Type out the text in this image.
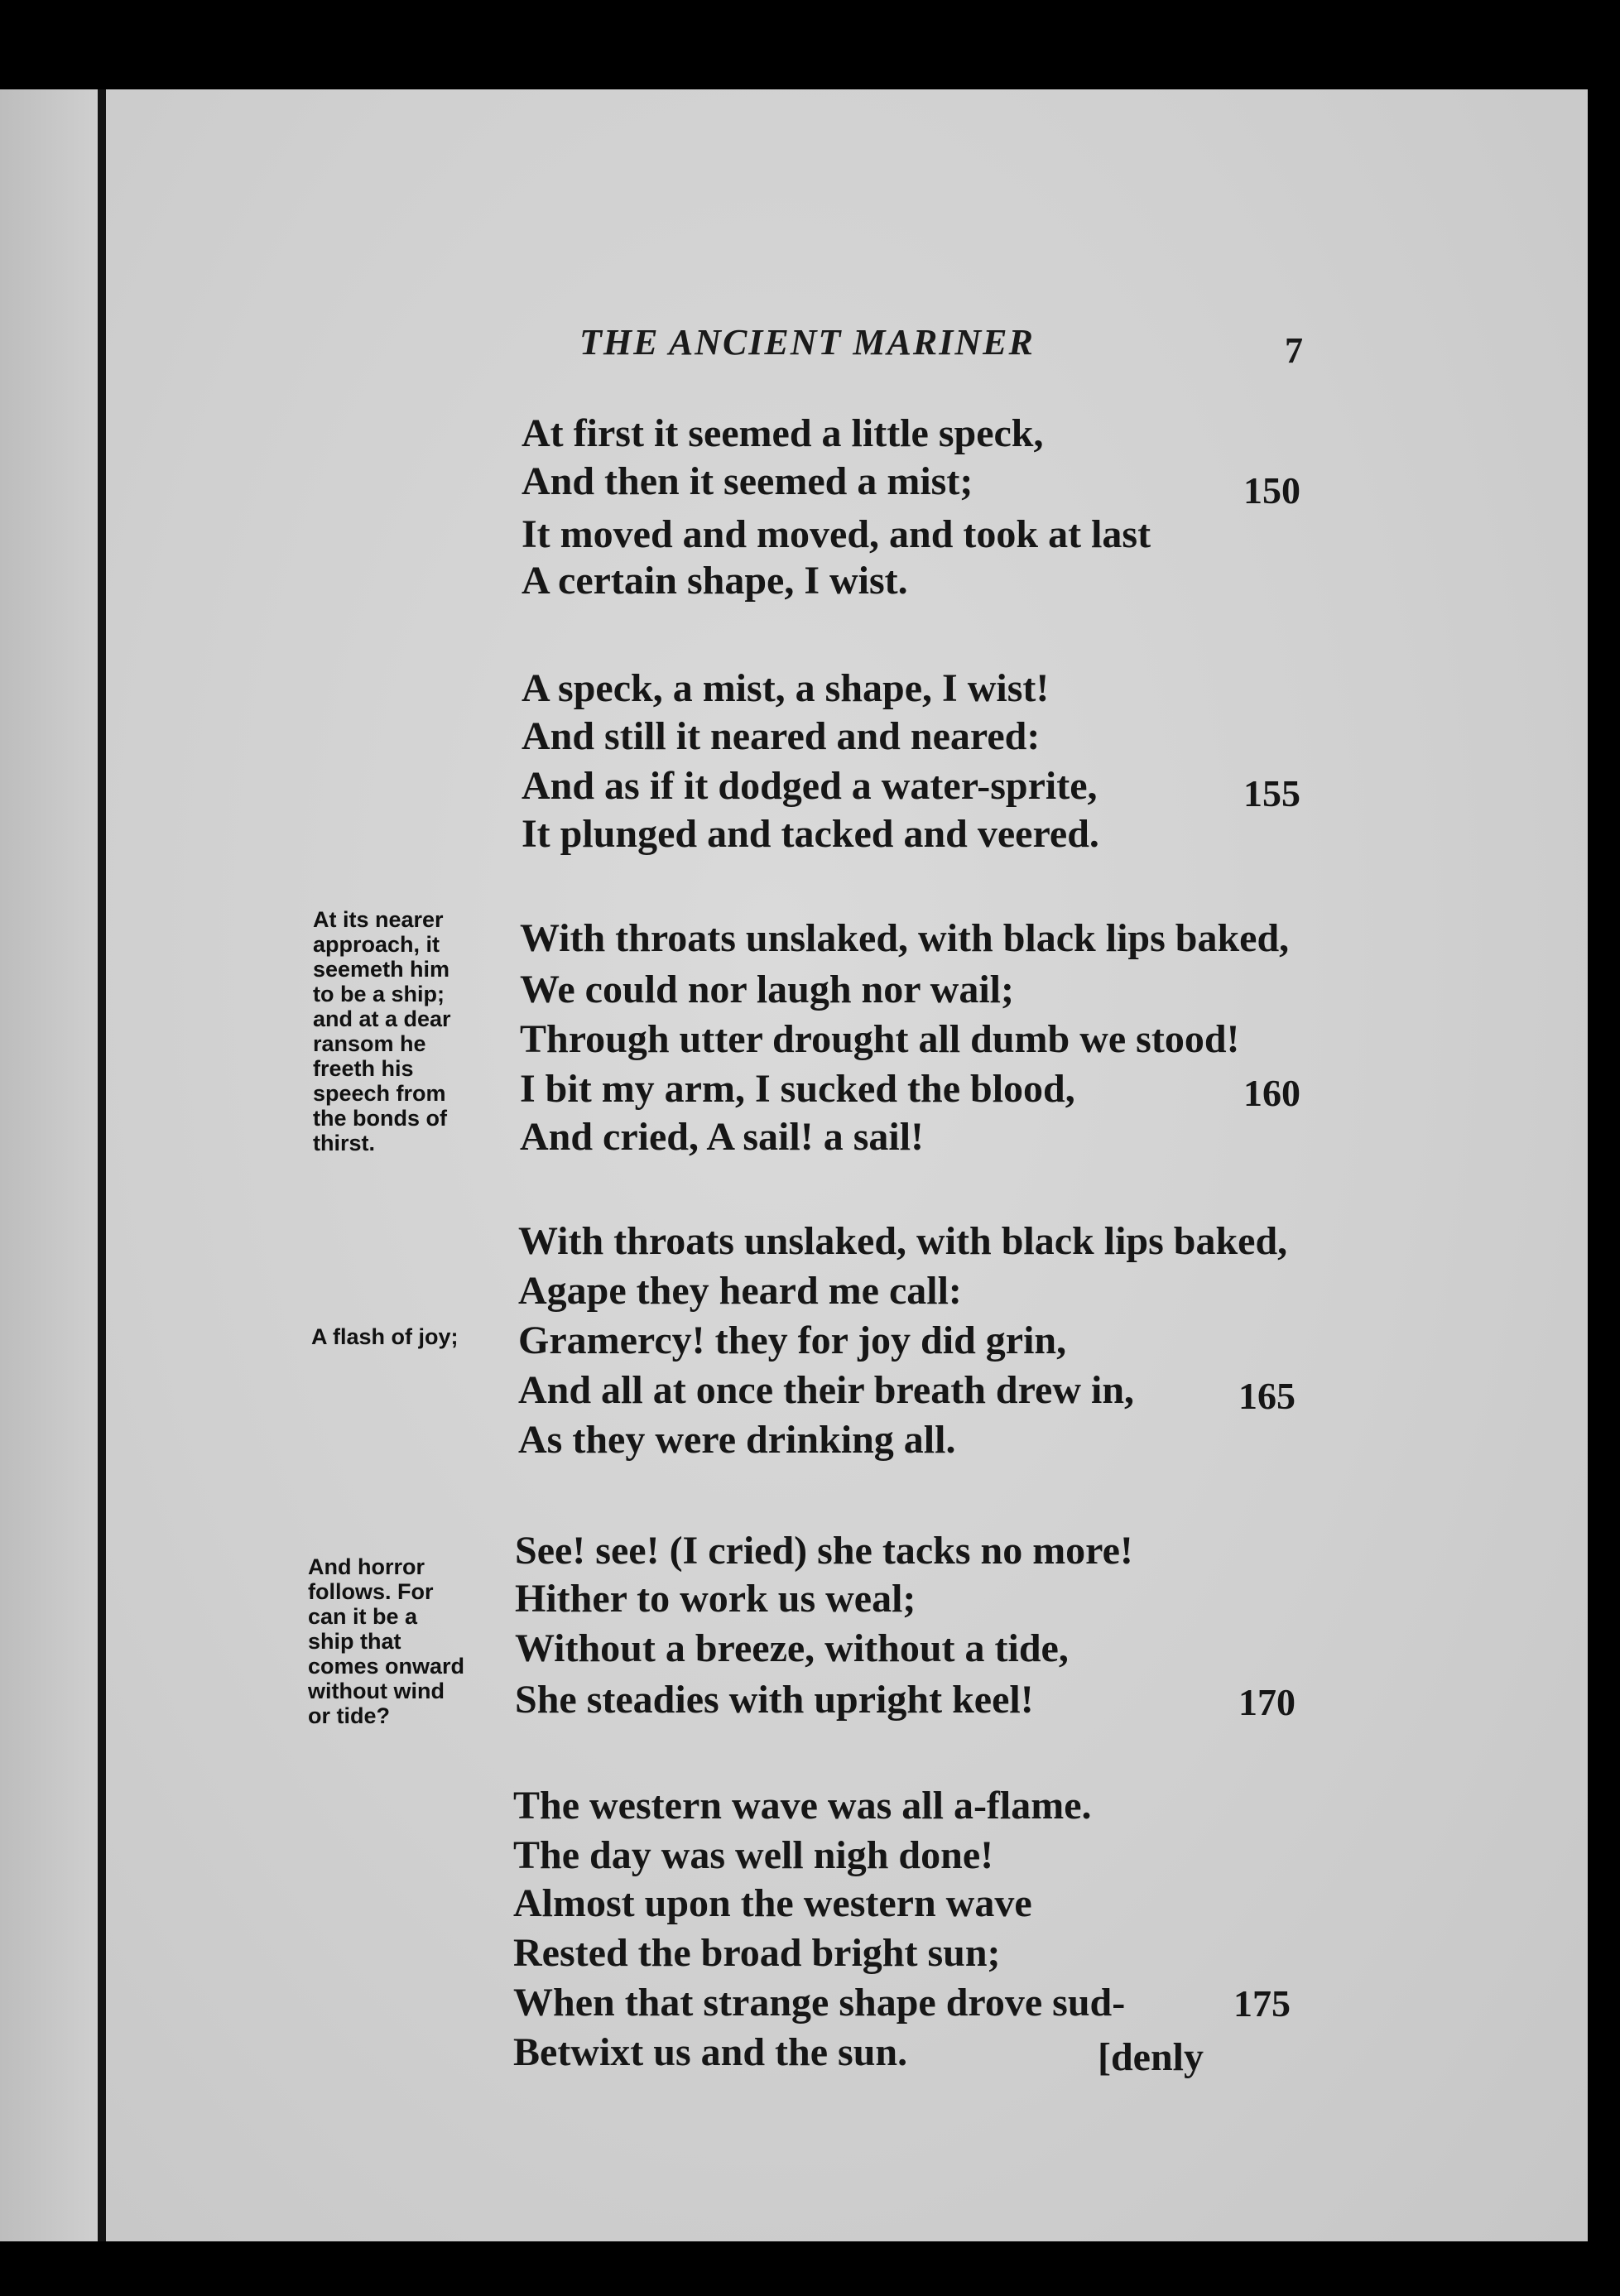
THE ANCIENT MARINER	7
At first it seemed a little speck,
And then it seemed a mist;	150
It moved and moved, and took at last
A certain shape, I wist.
A speck, a mist, a shape, I wist!
And still it neared and neared:
And as if it dodged a water-sprite,	155
It plunged and tacked and veered.
At its nearer
approach, it
seemeth him
to be a ship;
and at a dear
ransom he
freeth his
speech from
the bonds of
thirst.
With throats unslaked, with black lips baked,
We could nor laugh nor wail;
Through utter drought all dumb we stood!
I bit my arm, I sucked the blood,	160
And cried, A sail! a sail!
With throats unslaked, with black lips baked,
Agape they heard me call:
A flash of joy;	Gramercy! they for joy did grin,
And all at once their breath drew in,	165
As they were drinking all.
And horror
follows. For
can it be a
ship that
comes onward
without wind
or tide?
See! see! (I cried) she tacks no more!
Hither to work us weal;
Without a breeze, without a tide,
She steadies with upright keel!	170
The western wave was all a-flame.
The day was well nigh done!
Almost upon the western wave
Rested the broad bright sun;
When that strange shape drove sud-	175
Betwixt us and the sun.	[denly
